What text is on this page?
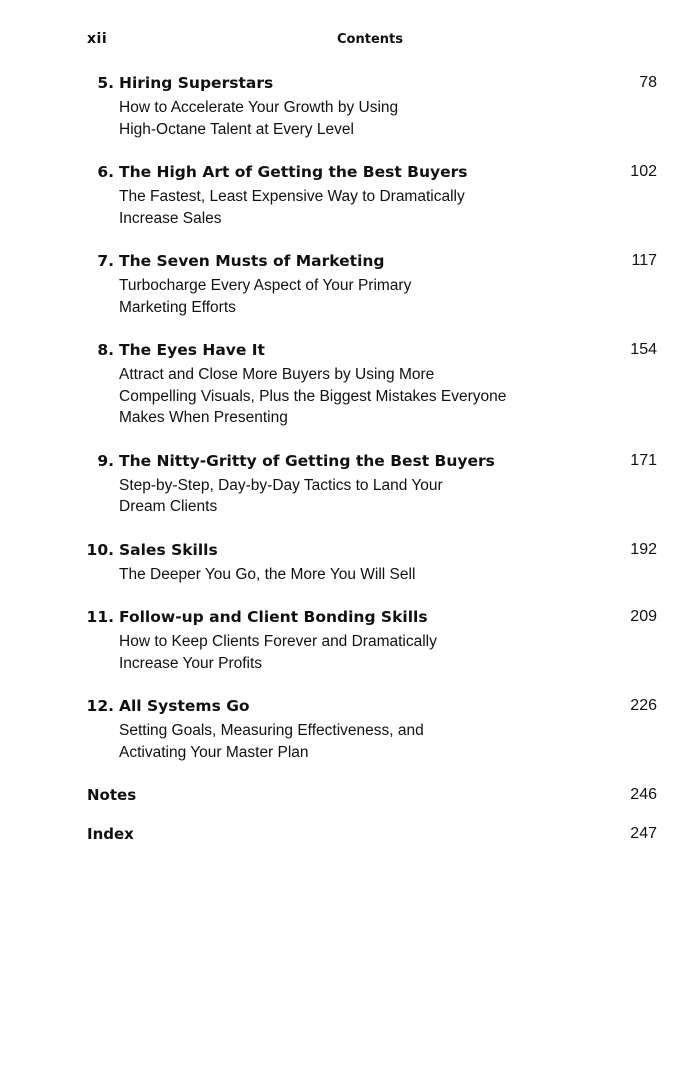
xii	Contents
5. Hiring Superstars	78
How to Accelerate Your Growth by Using
High-Octane Talent at Every Level
6. The High Art of Getting the Best Buyers	102
The Fastest, Least Expensive Way to Dramatically
Increase Sales
7. The Seven Musts of Marketing	117
Turbocharge Every Aspect of Your Primary
Marketing Efforts
8. The Eyes Have It	154
Attract and Close More Buyers by Using More
Compelling Visuals, Plus the Biggest Mistakes Everyone
Makes When Presenting
9. The Nitty-Gritty of Getting the Best Buyers	171
Step-by-Step, Day-by-Day Tactics to Land Your
Dream Clients
10. Sales Skills	192
The Deeper You Go, the More You Will Sell
11. Follow-up and Client Bonding Skills	209
How to Keep Clients Forever and Dramatically
Increase Your Profits
12. All Systems Go	226
Setting Goals, Measuring Effectiveness, and
Activating Your Master Plan
Notes	246
Index	247
